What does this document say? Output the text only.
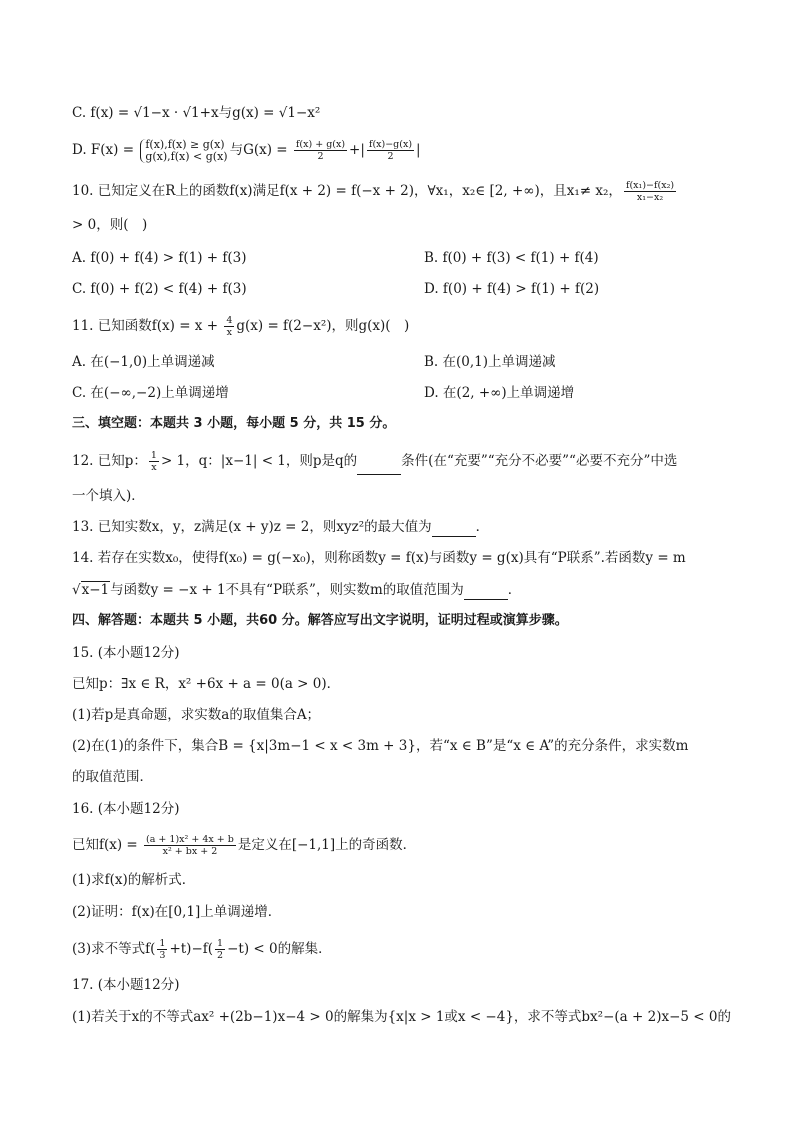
C. f(x) = √1−x · √1+x与g(x) = √1−x²
D. F(x) = f(x),f(x) ≥ g(x)
g(x),f(x) < g(x) 与$G(x) = \frac{f(x) + g(x)}{2}$ +| $\frac{f(x)-g(x)}{2}$ |
10. 已知定义在R上的函数f(x)满足f(x + 2) = f(−x + 2)，∀x₁，x₂∈ [2, +∞)，且x₁≠ x₂， $\frac{\text{f(x₁)−f(x₂)}}{\text{x₁−x₂}}$
> 0，则(　)
A. f(0) + f(4) > f(1) + f(3)	B. f(0) + f(3) < f(1) + f(4)
C. f(0) + f(2) < f(4) + f(3)	D. f(0) + f(4) > f(1) + f(2)
11. 已知函数$f(x) = x + \frac{4}{x} g(x) = f(2-x^2)$，则g(x)(　)
A. 在(−1,0)上单调递减	B. 在(0,1)上单调递减
C. 在(−∞,−2)上单调递增	D. 在(2, +∞)上单调递增
三、填空题：本题共 3 小题，每小题 5 分，共 15 分。
12. 已知p： $\frac{1}{x} > 1$，q：|x−1| < 1，则p是q的	条件(在“充要”“充分不必要”“必要不充分”中选
一个填入)．
13. 已知实数x，y，z满足(x + y)z = 2，则xyz²的最大值为	．
14. 若存在实数x₀，使得f(x₀) = g(−x₀)，则称函数y = f(x)与函数y = g(x)具有“P联系”.若函数y = m
√x−1与函数y = −x + 1不具有“P联系”，则实数m的取值范围为	．
四、解答题：本题共 5 小题，共60 分。解答应写出文字说明，证明过程或演算步骤。
15. (本小题12分)
已知p：∃x ∈ R，x² +6x + a = 0(a > 0)．
(1)若p是真命题，求实数a的取值集合A；
(2)在(1)的条件下，集合B = {x|3m−1 < x < 3m + 3}，若“x ∈ B”是“x ∈ A”的充分条件，求实数m
的取值范围．
16. (本小题12分)
已知$f(x) = \frac{\text{(a + 1)x² + 4x + b}}{\text{x² + bx + 2}}$ 是定义在[−1,1]上的奇函数．
(1)求f(x)的解析式．
(2)证明：f(x)在[0,1]上单调递增．
(3)求不等式$f( \frac{1}{3} +t)-f( \frac{1}{2} -t) < 0$的解集．
17. (本小题12分)
(1)若关于x的不等式ax² +(2b−1)x−4 > 0的解集为{x|x > 1或x < −4}，求不等式bx²−(a + 2)x−5 < 0的
